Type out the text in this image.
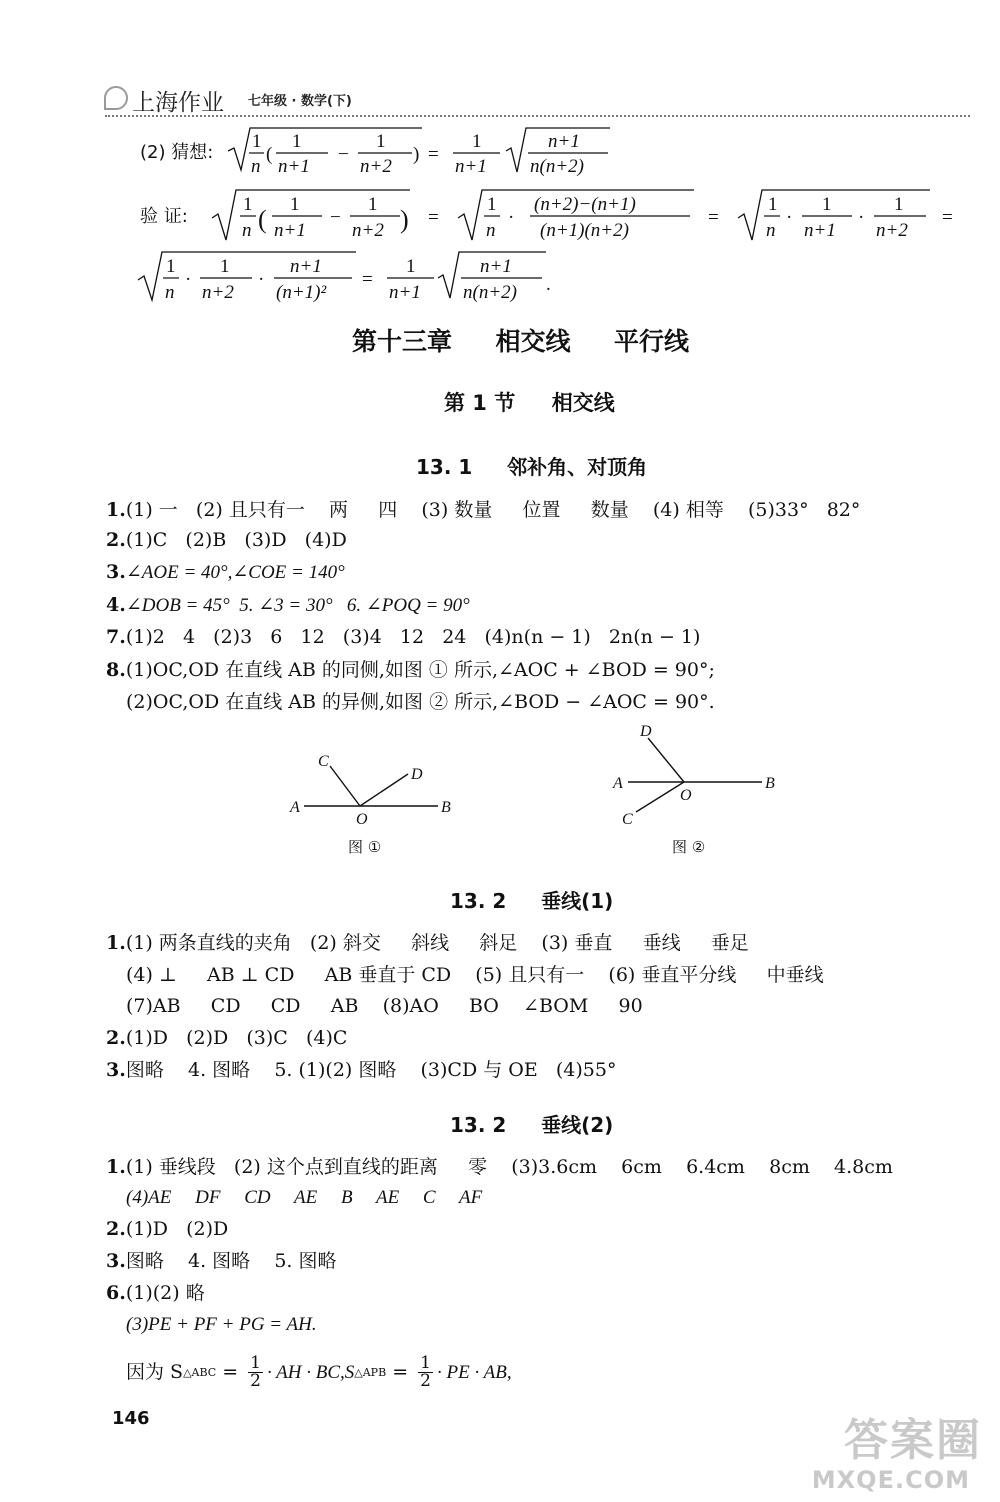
上海作业 七年级 · 数学(下)
(2) 猜想:
1
n
(
1
n+1
−
1
n+2
) =
1
n+1
n+1
n(n+2)
验 证:
1
n (
1
n+1
−
1
n+2 ) =
1
n
·
(n+2)−(n+1)
(n+1)(n+2)
=
1
n
·
1
n+1
·
1
n+2
=
1
n
·
1
n+2
·
n+1
(n+1)²
=
1
n+1
n+1
n(n+2) .
第十三章     相交线     平行线
第 1 节     相交线
13. 1     邻补角、对顶角
1.(1) 一   (2) 且只有一    两     四    (3) 数量     位置     数量    (4) 相等    (5)33°   82°
2.(1)C   (2)B   (3)D   (4)D
3.∠AOE = 40°,∠COE = 140°
4.∠DOB = 45°  5. ∠3 = 30°   6. ∠POQ = 90°
7.(1)2   4   (2)3   6   12   (3)4   12   24   (4)n(n − 1)   2n(n − 1)
8.(1)OC,OD 在直线 AB 的同侧,如图 ① 所示,∠AOC + ∠BOD = 90°;
(2)OC,OD 在直线 AB 的异侧,如图 ② 所示,∠BOD − ∠AOC = 90°.
A	B
C
D
O
A	B
C
D
O
图 ①	图 ②
13. 2     垂线(1)
1.(1) 两条直线的夹角   (2) 斜交     斜线     斜足    (3) 垂直     垂线     垂足
(4) ⊥     AB ⊥ CD     AB 垂直于 CD    (5) 且只有一    (6) 垂直平分线     中垂线
(7)AB     CD     CD     AB    (8)AO     BO    ∠BOM     90
2.(1)D   (2)D   (3)C   (4)C
3.图略    4. 图略    5. (1)(2) 图略    (3)CD 与 OE   (4)55°
13. 2     垂线(2)
1.(1) 垂线段   (2) 这个点到直线的距离     零    (3)3.6cm    6cm    6.4cm    8cm    4.8cm
(4)AE     DF     CD     AE     B     AE     C     AF
2.(1)D   (2)D
3.图略    4. 图略    5. 图略
6.(1)(2) 略
(3)PE + PF + PG = AH.
因为 S △ABC = $\frac{1}{2}$ · AH · BC,S △APB = $\frac{1}{2}$ · PE · AB,
146	答案圈
MXQE.COM
